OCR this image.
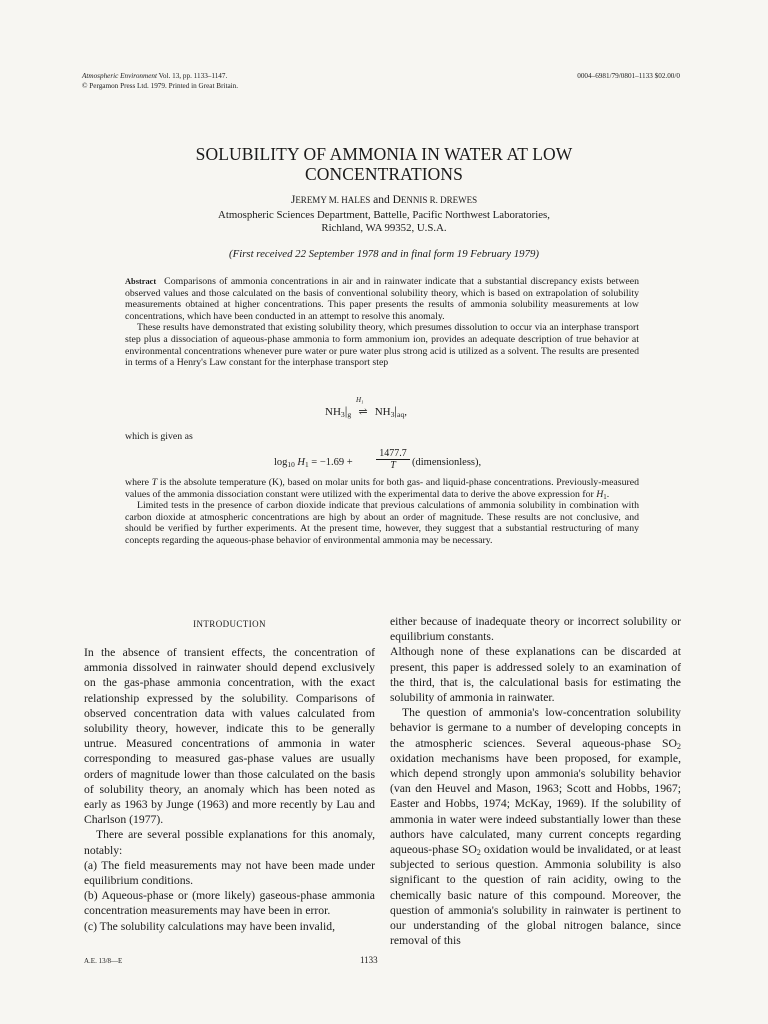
Atmospheric Environment Vol. 13, pp. 1133–1147.
© Pergamon Press Ltd. 1979. Printed in Great Britain.
0004–6981/79/0801–1133 $02.00/0
SOLUBILITY OF AMMONIA IN WATER AT LOW
CONCENTRATIONS
JEREMY M. HALES and DENNIS R. DREWES
Atmospheric Sciences Department, Battelle, Pacific Northwest Laboratories,
Richland, WA 99352, U.S.A.
(First received 22 September 1978 and in final form 19 February 1979)

Abstract Comparisons of ammonia concentrations in air and in rainwater indicate that a substantial discrepancy exists between observed values and those calculated on the basis of conventional solubility theory, which is based on extrapolation of solubility measurements obtained at higher concentrations. This paper presents the results of ammonia solubility measurements at low concentrations, which have been conducted in an attempt to resolve this anomaly.

These results have demonstrated that existing solubility theory, which presumes dissolution to occur via an interphase transport step plus a dissociation of aqueous-phase ammonia to form ammonium ion, provides an adequate description of true behavior at environmental concentrations whenever pure water or pure water plus strong acid is utilized as a solvent. The results are presented in terms of a Henry's Law constant for the interphase transport step

$NH_3|_g$
H₁
⇌ $NH_3|_{aq}$,
which is given as
$\log_{10} H_1 = -1.69$ +
1477.7
T	(dimensionless),

where T is the absolute temperature (K), based on molar units for both gas- and liquid-phase concentrations. Previously-measured values of the ammonia dissociation constant were utilized with the experimental data to derive the above expression for $H_1$.

Limited tests in the presence of carbon dioxide indicate that previous calculations of ammonia solubility in combination with carbon dioxide at atmospheric concentrations are high by about an order of magnitude. These results are not conclusive, and should be verified by further experiments. At the present time, however, they suggest that a substantial restructuring of many concepts regarding the aqueous-phase behavior of environmental ammonia may be necessary.

INTRODUCTION

In the absence of transient effects, the concentration of ammonia dissolved in rainwater should depend exclusively on the gas-phase ammonia concentration, with the exact relationship expressed by the solubility. Comparisons of observed concentration data with values calculated from solubility theory, however, indicate this to be generally untrue. Measured concentrations of ammonia in water corresponding to measured gas-phase values are usually orders of magnitude lower than those calculated on the basis of solubility theory, an anomaly which has been noted as early as 1963 by Junge (1963) and more recently by Lau and Charlson (1977).

There are several possible explanations for this anomaly, notably:

(a) The field measurements may not have been made under equilibrium conditions.

(b) Aqueous-phase or (more likely) gaseous-phase ammonia concentration measurements may have been in error.

(c) The solubility calculations may have been invalid,

either because of inadequate theory or incorrect solubility or equilibrium constants.

Although none of these explanations can be discarded at present, this paper is addressed solely to an examination of the third, that is, the calculational basis for estimating the solubility of ammonia in rainwater.

The question of ammonia's low-concentration solubility behavior is germane to a number of developing concepts in the atmospheric sciences. Several aqueous-phase $SO_2$ oxidation mechanisms have been proposed, for example, which depend strongly upon ammonia's solubility behavior (van den Heuvel and Mason, 1963; Scott and Hobbs, 1967; Easter and Hobbs, 1974; McKay, 1969). If the solubility of ammonia in water were indeed substantially lower than these authors have calculated, many current concepts regarding aqueous-phase $SO_2$ oxidation would be invalidated, or at least subjected to serious question. Ammonia solubility is also significant to the question of rain acidity, owing to the chemically basic nature of this compound. Moreover, the question of ammonia's solubility in rainwater is pertinent to our understanding of the global nitrogen balance, since removal of this

A.E. 13/8—E	1133
